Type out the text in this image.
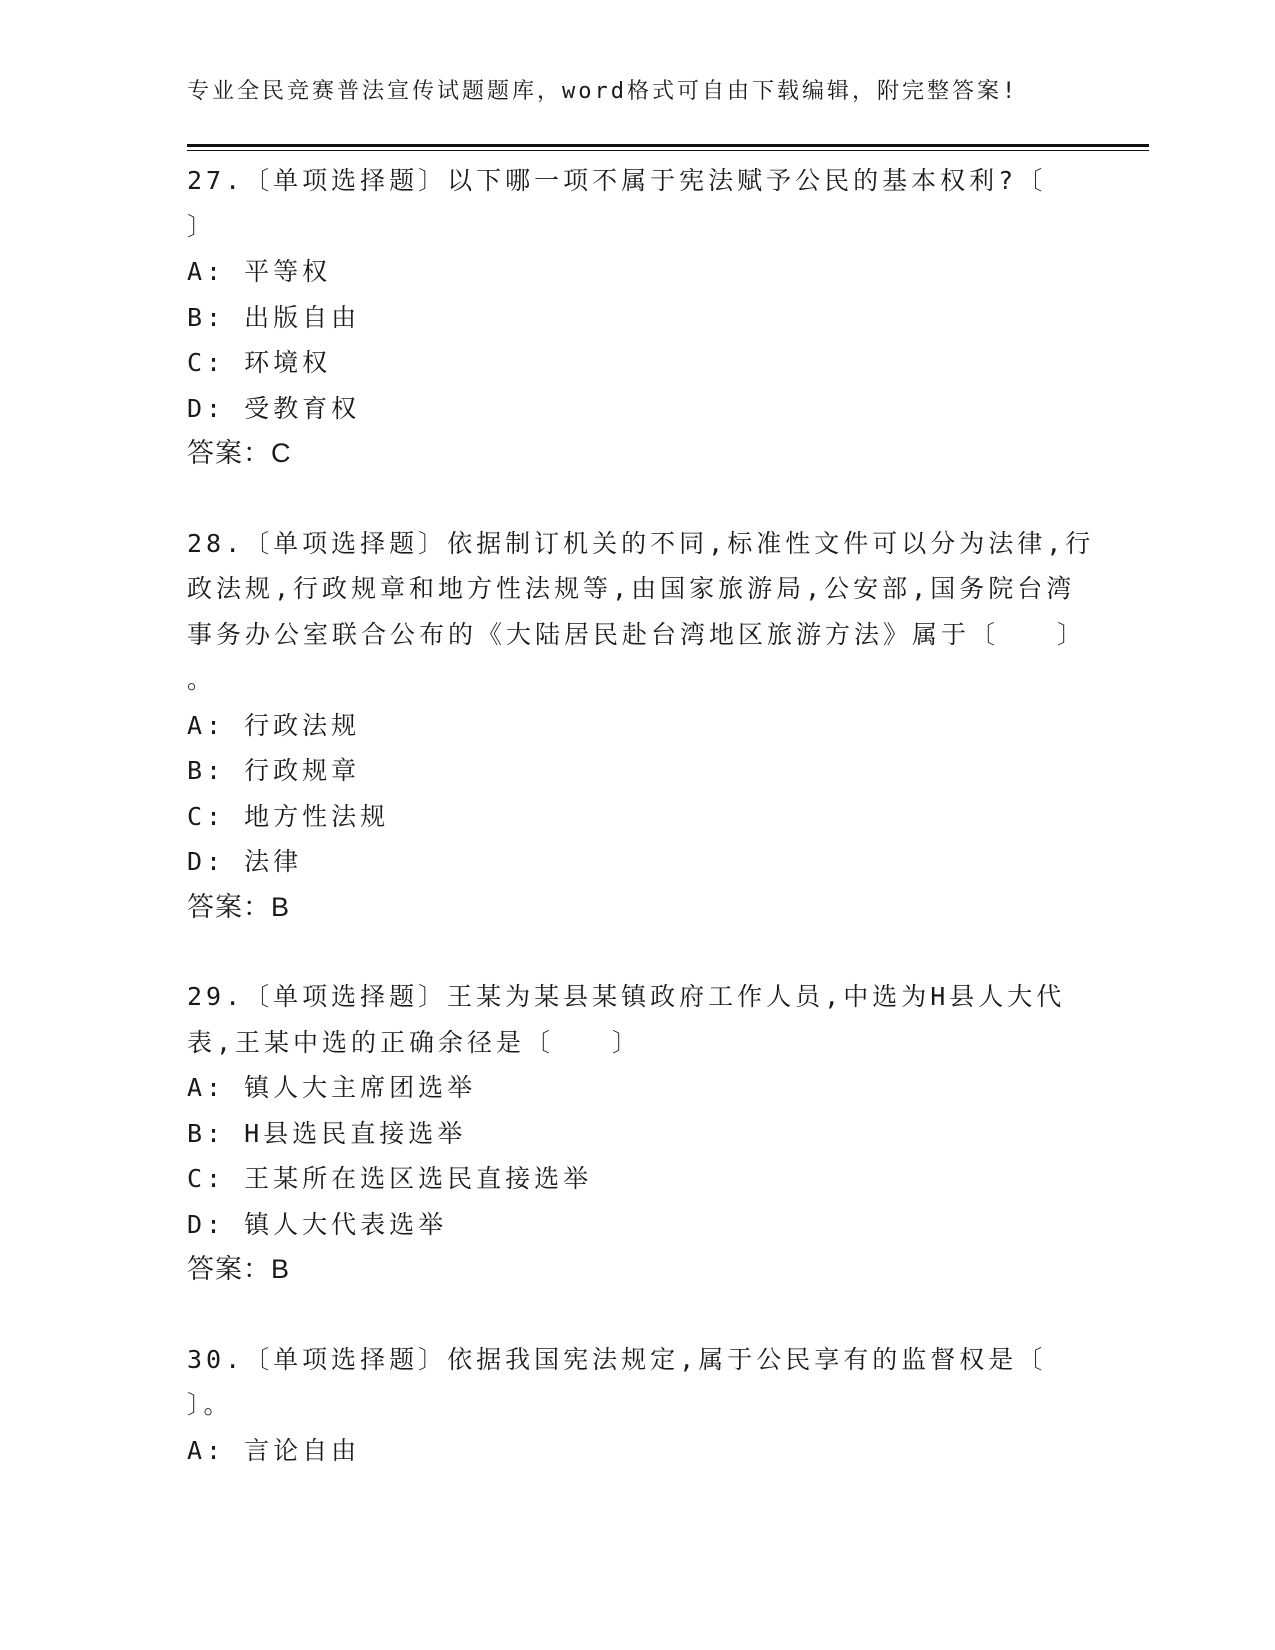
专业全民竞赛普法宣传试题题库，word格式可自由下载编辑，附完整答案!
27.〔单项选择题〕以下哪一项不属于宪法赋予公民的基本权利?〔
〕
A: 平等权
B: 出版自由
C: 环境权
D: 受教育权
答案：C
28.〔单项选择题〕依据制订机关的不同,标准性文件可以分为法律,行
政法规,行政规章和地方性法规等,由国家旅游局,公安部,国务院台湾
事务办公室联合公布的《大陆居民赴台湾地区旅游方法》属于〔　　〕
。
A: 行政法规
B: 行政规章
C: 地方性法规
D: 法律
答案：B
29.〔单项选择题〕王某为某县某镇政府工作人员,中选为H县人大代
表,王某中选的正确余径是〔　　〕
A: 镇人大主席团选举
B: H县选民直接选举
C: 王某所在选区选民直接选举
D: 镇人大代表选举
答案：B
30.〔单项选择题〕依据我国宪法规定,属于公民享有的监督权是〔
〕。
A: 言论自由
